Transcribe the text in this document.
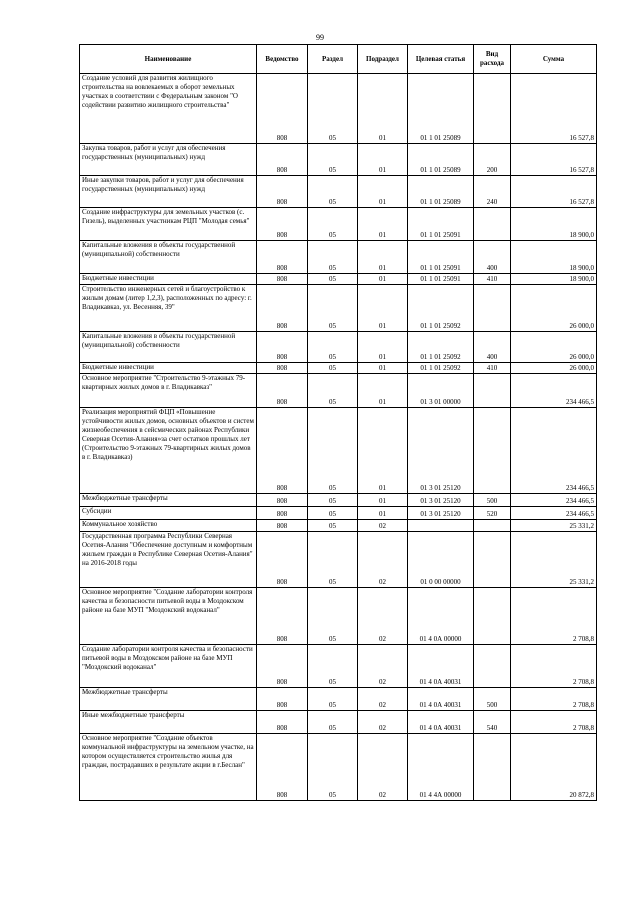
99
Наименование	Ведомство	Раздел	Подраздел	Целевая статья	Вид расхода	Сумма
Создание условий для развития жилищного строительства на вовлекаемых в оборот земельных участках в соответствии с Федеральным законом "О содействии развитию жилищного строительства"	808	05	01	01 1 01 25089		16 527,8
Закупка товаров, работ и услуг для обеспечения государственных (муниципальных) нужд	808	05	01	01 1 01 25089	200	16 527,8
Иные закупки товаров, работ и услуг для обеспечения государственных (муниципальных) нужд	808	05	01	01 1 01 25089	240	16 527,8
Создание инфраструктуры для земельных участков (с. Гизель), выделенных участникам РЦП "Молодая семья"	808	05	01	01 1 01 25091		18 900,0
Капитальные вложения в объекты государственной (муниципальной) собственности	808	05	01	01 1 01 25091	400	18 900,0
Бюджетные инвестиции	808	05	01	01 1 01 25091	410	18 900,0
Строительство инженерных сетей и благоустройство к жилым домам (литер 1,2,3), расположенных по адресу: г. Владикавказ, ул. Весенняя, 39"	808	05	01	01 1 01 25092		26 000,0
Капитальные вложения в объекты государственной (муниципальной) собственности	808	05	01	01 1 01 25092	400	26 000,0
Бюджетные инвестиции	808	05	01	01 1 01 25092	410	26 000,0
Основное мероприятие "Строительство 9-этажных 79-квартирных жилых домов в г. Владикавказ"	808	05	01	01 3 01 00000		234 466,5
Реализация мероприятий ФЦП «Повышение устойчивости жилых домов, основных объектов и систем жизнеобеспечения в сейсмических районах Республики Северная Осетия-Алания»за счет остатков прошлых лет (Строительство 9-этажных 79-квартирных жилых домов в г. Владикавказ)	808	05	01	01 3 01 25120		234 466,5
Межбюджетные трансферты	808	05	01	01 3 01 25120	500	234 466,5
Субсидии	808	05	01	01 3 01 25120	520	234 466,5
Коммунальное хозяйство	808	05	02			25 331,2
Государственная программа Республики Северная Осетия-Алания "Обеспечение доступным и комфортным жильем граждан в Республике Северная Осетия-Алания" на 2016-2018 годы	808	05	02	01 0 00 00000		25 331,2
Основное мероприятие "Создание лаборатории контроля качества и безопасности питьевой воды в Моздокском районе на базе МУП "Моздокский водоканал"	808	05	02	01 4 0А 00000		2 708,8
Создание лаборатории контроля качества и безопасности питьевой воды в Моздокском районе на базе МУП "Моздокский водоканал"	808	05	02	01 4 0А 40031		2 708,8
Межбюджетные трансферты	808	05	02	01 4 0А 40031	500	2 708,8
Иные межбюджетные трансферты	808	05	02	01 4 0А 40031	540	2 708,8
Основное мероприятие "Создание объектов коммунальной инфраструктуры на земельном участке, на котором осуществляется строительство жилья для граждан, пострадавших в результате акции в г.Беслан"	808	05	02	01 4 4А 00000		20 872,8
